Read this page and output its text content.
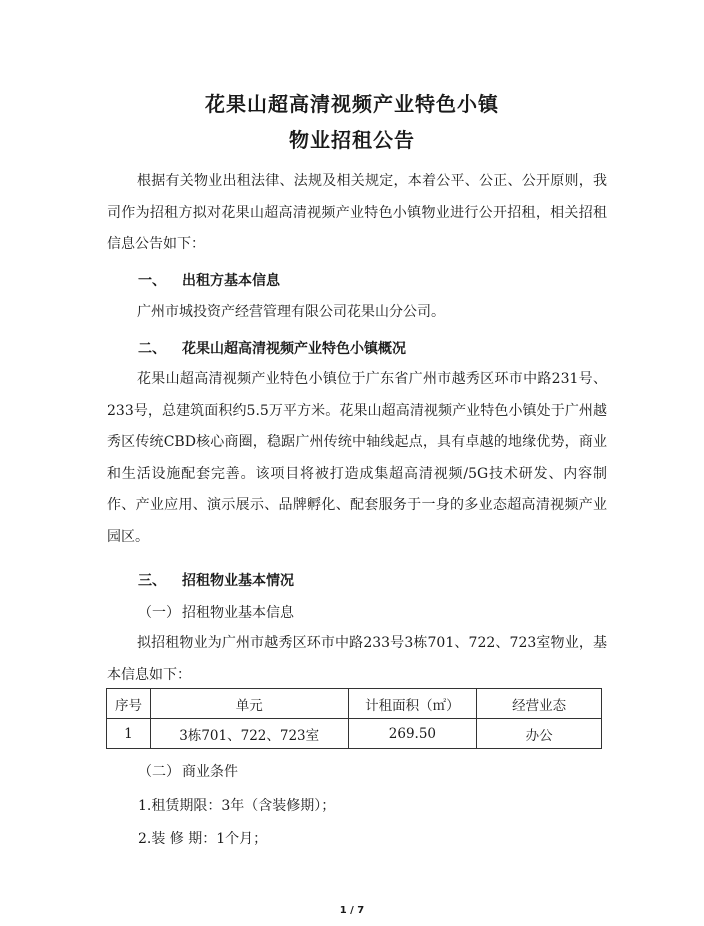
花果山超高清视频产业特色小镇
物业招租公告

根据有关物业出租法律、法规及相关规定，本着公平、公正、公开原则，我司作为招租方拟对花果山超高清视频产业特色小镇物业进行公开招租，相关招租信息公告如下：

一、 出租方基本信息

广州市城投资产经营管理有限公司花果山分公司。

二、 花果山超高清视频产业特色小镇概况

花果山超高清视频产业特色小镇位于广东省广州市越秀区环市中路231号、233号，总建筑面积约5.5万平方米。花果山超高清视频产业特色小镇处于广州越秀区传统CBD核心商圈，稳踞广州传统中轴线起点，具有卓越的地缘优势，商业和生活设施配套完善。该项目将被打造成集超高清视频/5G技术研发、内容制作、产业应用、演示展示、品牌孵化、配套服务于一身的多业态超高清视频产业园区。

三、 招租物业基本情况
（一） 招租物业基本信息

拟招租物业为广州市越秀区环市中路233号3栋701、722、723室物业，基本信息如下：

序号	单元	计租面积（㎡）	经营业态
1	3栋701、722、723室	269.50	办公
（二） 商业条件
1.租赁期限：3年（含装修期）；
2.装 修 期：1个月；
1 / 7
